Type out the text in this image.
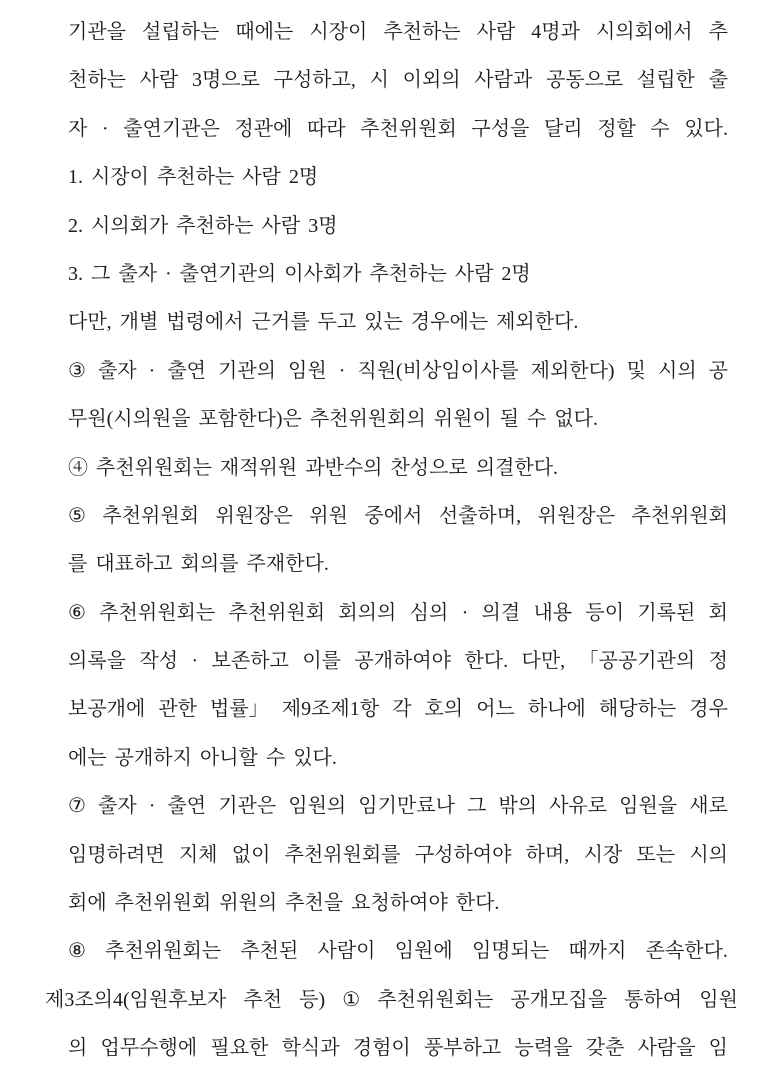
기관을 설립하는 때에는 시장이 추천하는 사람 4명과 시의회에서 추
천하는 사람 3명으로 구성하고, 시 이외의 사람과 공동으로 설립한 출
자 · 출연기관은 정관에 따라 추천위원회 구성을 달리 정할 수 있다.
1. 시장이 추천하는 사람 2명
2. 시의회가 추천하는 사람 3명
3. 그 출자 · 출연기관의 이사회가 추천하는 사람 2명
다만, 개별 법령에서 근거를 두고 있는 경우에는 제외한다.
③ 출자 · 출연 기관의 임원 · 직원(비상임이사를 제외한다) 및 시의 공
무원(시의원을 포함한다)은 추천위원회의 위원이 될 수 없다.
④ 추천위원회는 재적위원 과반수의 찬성으로 의결한다.
⑤ 추천위원회 위원장은 위원 중에서 선출하며, 위원장은 추천위원회
를 대표하고 회의를 주재한다.
⑥ 추천위원회는 추천위원회 회의의 심의 · 의결 내용 등이 기록된 회
의록을 작성 · 보존하고 이를 공개하여야 한다. 다만, 「공공기관의 정
보공개에 관한 법률」 제9조제1항 각 호의 어느 하나에 해당하는 경우
에는 공개하지 아니할 수 있다.
⑦ 출자 · 출연 기관은 임원의 임기만료나 그 밖의 사유로 임원을 새로
임명하려면 지체 없이 추천위원회를 구성하여야 하며, 시장 또는 시의
회에 추천위원회 위원의 추천을 요청하여야 한다.
⑧ 추천위원회는 추천된 사람이 임원에 임명되는 때까지 존속한다.
제3조의4(임원후보자 추천 등) ① 추천위원회는 공개모집을 통하여 임원
의 업무수행에 필요한 학식과 경험이 풍부하고 능력을 갖춘 사람을 임
